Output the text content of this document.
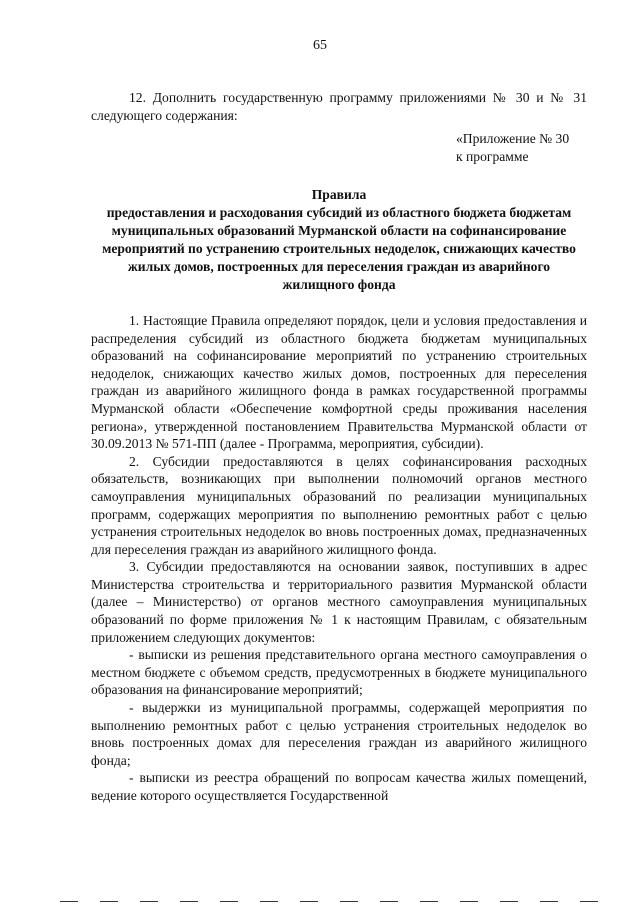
65

12. Дополнить государственную программу приложениями № 30 и № 31 следующего содержания:

«Приложение № 30
к программе
Правила
предоставления и расходования субсидий из областного бюджета бюджетам муниципальных образований Мурманской области на софинансирование мероприятий по устранению строительных недоделок, снижающих качество жилых домов, построенных для переселения граждан из аварийного жилищного фонда

1. Настоящие Правила определяют порядок, цели и условия предоставления и распределения субсидий из областного бюджета бюджетам муниципальных образований на софинансирование мероприятий по устранению строительных недоделок, снижающих качество жилых домов, построенных для переселения граждан из аварийного жилищного фонда в рамках государственной программы Мурманской области «Обеспечение комфортной среды проживания населения региона», утвержденной постановлением Правительства Мурманской области от 30.09.2013 № 571-ПП (далее - Программа, мероприятия, субсидии).

2. Субсидии предоставляются в целях софинансирования расходных обязательств, возникающих при выполнении полномочий органов местного самоуправления муниципальных образований по реализации муниципальных программ, содержащих мероприятия по выполнению ремонтных работ с целью устранения строительных недоделок во вновь построенных домах, предназначенных для переселения граждан из аварийного жилищного фонда.

3. Субсидии предоставляются на основании заявок, поступивших в адрес Министерства строительства и территориального развития Мурманской области (далее – Министерство) от органов местного самоуправления муниципальных образований по форме приложения № 1 к настоящим Правилам, с обязательным приложением следующих документов:

- выписки из решения представительного органа местного самоуправления о местном бюджете с объемом средств, предусмотренных в бюджете муниципального образования на финансирование мероприятий;

- выдержки из муниципальной программы, содержащей мероприятия по выполнению ремонтных работ с целью устранения строительных недоделок во вновь построенных домах для переселения граждан из аварийного жилищного фонда;

- выписки из реестра обращений по вопросам качества жилых помещений, ведение которого осуществляется Государственной
